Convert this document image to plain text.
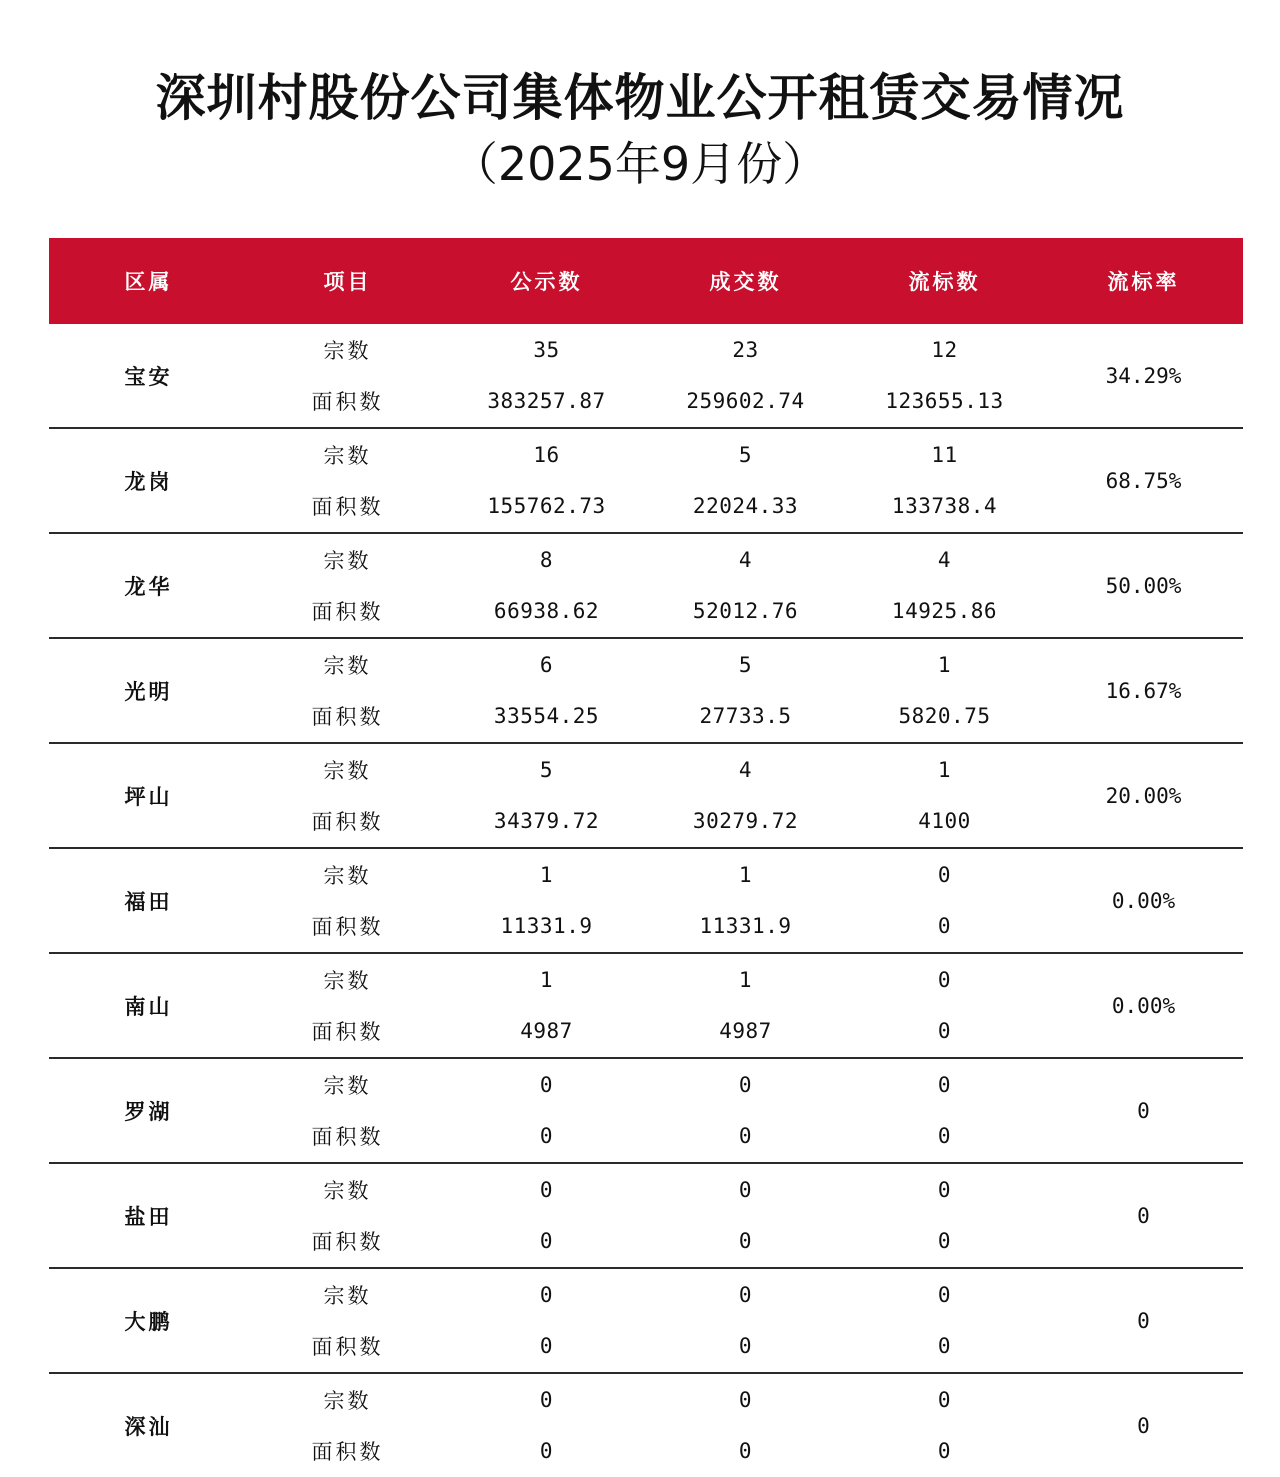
深圳村股份公司集体物业公开租赁交易情况
（2025年9月份）
区属	项目	公示数	成交数	流标数	流标率
宝安
宗数	35	23	12
面积数	383257.87	259602.74	123655.13
34.29%
龙岗
宗数	16	5	11
面积数	155762.73	22024.33	133738.4
68.75%
龙华
宗数	8	4	4
面积数	66938.62	52012.76	14925.86
50.00%
光明
宗数	6	5	1
面积数	33554.25	27733.5	5820.75
16.67%
坪山
宗数	5	4	1
面积数	34379.72	30279.72	4100
20.00%
福田
宗数	1	1	0
面积数	11331.9	11331.9	0
0.00%
南山
宗数	1	1	0
面积数	4987	4987	0
0.00%
罗湖
宗数	0	0	0
面积数	0	0	0
0
盐田
宗数	0	0	0
面积数	0	0	0
0
大鹏
宗数	0	0	0
面积数	0	0	0
0
深汕
宗数	0	0	0
面积数	0	0	0
0
